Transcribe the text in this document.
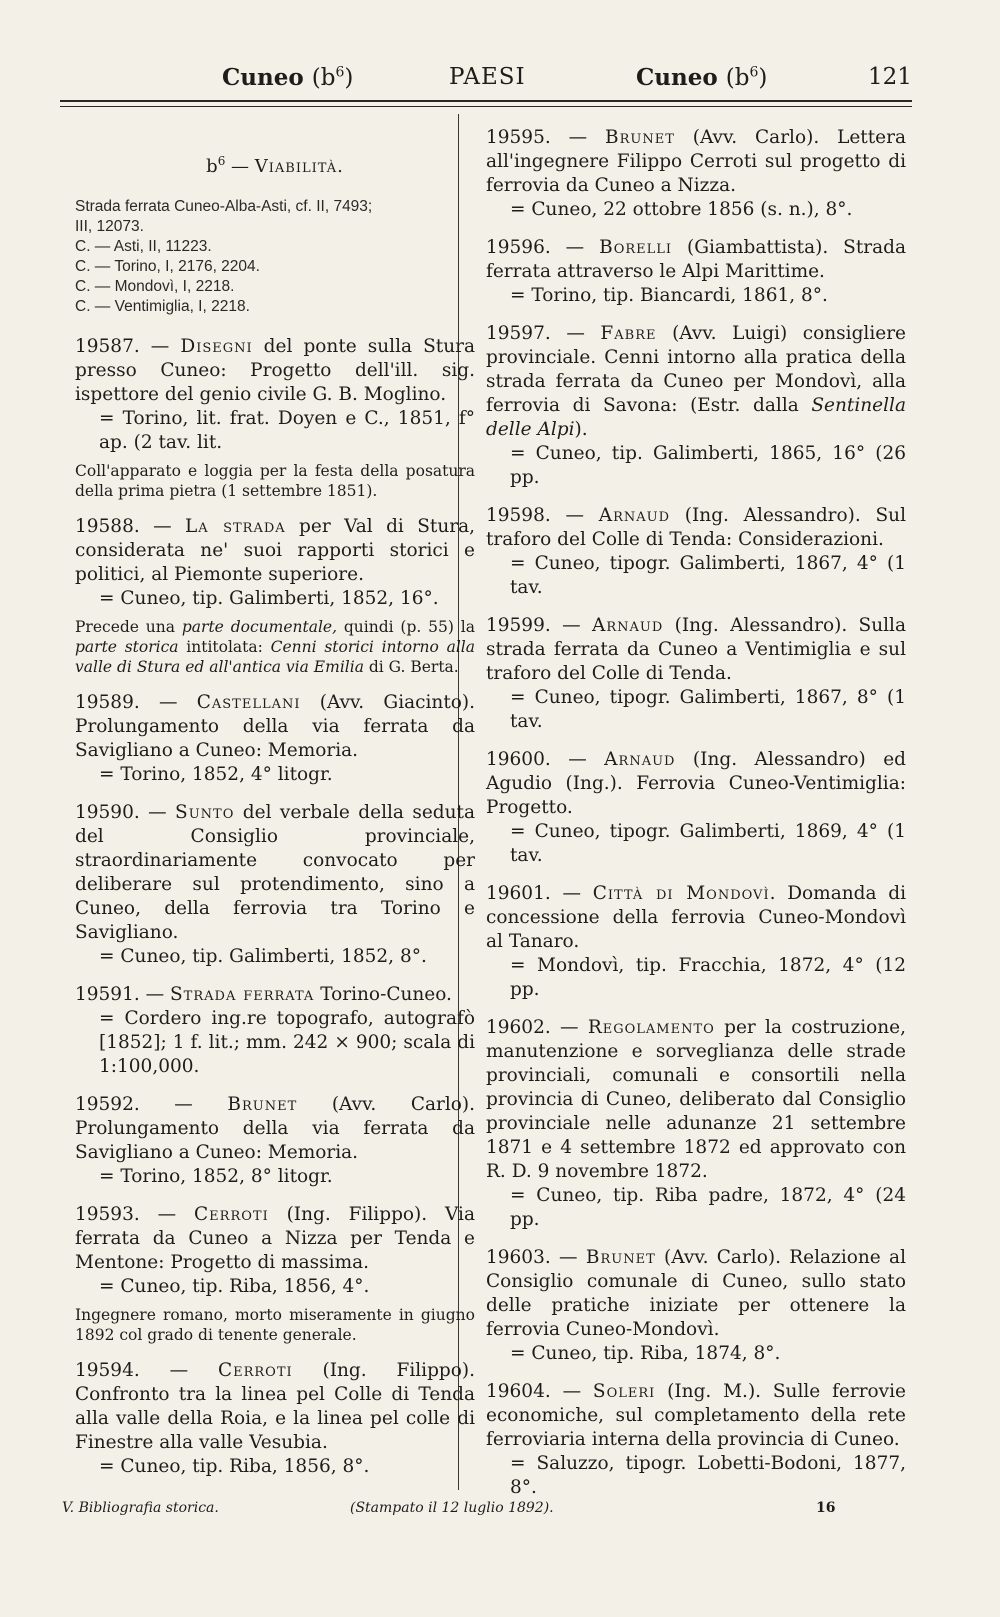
Cuneo $(b^6)$	PAESI	Cuneo $(b^6)$	121
$b^6$ — Viabilità.
Strada ferrata Cuneo-Alba-Asti, cf. II, 7493;
III, 12073.
C. — Asti, II, 11223.
C. — Torino, I, 2176, 2204.
C. — Mondovì, I, 2218.
C. — Ventimiglia, I, 2218.
19587. — Disegni del ponte sulla Stura presso Cuneo: Progetto dell'ill. sig. ispettore del genio civile G. B. Moglino.
= Torino, lit. frat. Doyen e C., 1851, f° ap. (2 tav. lit.
Coll'apparato e loggia per la festa della posatura della prima pietra (1 settembre 1851).
19588. — La strada per Val di Stura, considerata ne' suoi rapporti storici e politici, al Piemonte superiore.
= Cuneo, tip. Galimberti, 1852, 16°.
Precede una parte documentale, quindi (p. 55) la parte storica intitolata: Cenni storici intorno alla valle di Stura ed all'antica via Emilia di G. Berta.
19589. — Castellani (Avv. Giacinto). Prolungamento della via ferrata da Savigliano a Cuneo: Memoria.
= Torino, 1852, 4° litogr.
19590. — Sunto del verbale della seduta del Consiglio provinciale, straordinariamente convocato per deliberare sul protendimento, sino a Cuneo, della ferrovia tra Torino e Savigliano.
= Cuneo, tip. Galimberti, 1852, 8°.
19591. — Strada ferrata Torino-Cuneo.
= Cordero ing.re topografo, autografò [1852]; 1 f. lit.; mm. 242 × 900; scala di 1:100,000.
19592. — Brunet (Avv. Carlo). Prolungamento della via ferrata da Savigliano a Cuneo: Memoria.
= Torino, 1852, 8° litogr.
19593. — Cerroti (Ing. Filippo). Via ferrata da Cuneo a Nizza per Tenda e Mentone: Progetto di massima.
= Cuneo, tip. Riba, 1856, 4°.
Ingegnere romano, morto miseramente in giugno 1892 col grado di tenente generale.
19594. — Cerroti (Ing. Filippo). Confronto tra la linea pel Colle di Tenda alla valle della Roia, e la linea pel colle di Finestre alla valle Vesubia.
= Cuneo, tip. Riba, 1856, 8°.
19595. — Brunet (Avv. Carlo). Lettera all'ingegnere Filippo Cerroti sul progetto di ferrovia da Cuneo a Nizza.
= Cuneo, 22 ottobre 1856 (s. n.), 8°.
19596. — Borelli (Giambattista). Strada ferrata attraverso le Alpi Marittime.
= Torino, tip. Biancardi, 1861, 8°.
19597. — Fabre (Avv. Luigi) consigliere provinciale. Cenni intorno alla pratica della strada ferrata da Cuneo per Mondovì, alla ferrovia di Savona: (Estr. dalla Sentinella delle Alpi).
= Cuneo, tip. Galimberti, 1865, 16° (26 pp.
19598. — Arnaud (Ing. Alessandro). Sul traforo del Colle di Tenda: Considerazioni.
= Cuneo, tipogr. Galimberti, 1867, 4° (1 tav.
19599. — Arnaud (Ing. Alessandro). Sulla strada ferrata da Cuneo a Ventimiglia e sul traforo del Colle di Tenda.
= Cuneo, tipogr. Galimberti, 1867, 8° (1 tav.
19600. — Arnaud (Ing. Alessandro) ed Agudio (Ing.). Ferrovia Cuneo-Ventimiglia: Progetto.
= Cuneo, tipogr. Galimberti, 1869, 4° (1 tav.
19601. — Città di Mondovì. Domanda di concessione della ferrovia Cuneo-Mondovì al Tanaro.
= Mondovì, tip. Fracchia, 1872, 4° (12 pp.
19602. — Regolamento per la costruzione, manutenzione e sorveglianza delle strade provinciali, comunali e consortili nella provincia di Cuneo, deliberato dal Consiglio provinciale nelle adunanze 21 settembre 1871 e 4 settembre 1872 ed approvato con R. D. 9 novembre 1872.
= Cuneo, tip. Riba padre, 1872, 4° (24 pp.
19603. — Brunet (Avv. Carlo). Relazione al Consiglio comunale di Cuneo, sullo stato delle pratiche iniziate per ottenere la ferrovia Cuneo-Mondovì.
= Cuneo, tip. Riba, 1874, 8°.
19604. — Soleri (Ing. M.). Sulle ferrovie economiche, sul completamento della rete ferroviaria interna della provincia di Cuneo.
= Saluzzo, tipogr. Lobetti-Bodoni, 1877, 8°.
V. Bibliografia storica.	(Stampato il 12 luglio 1892).	16
